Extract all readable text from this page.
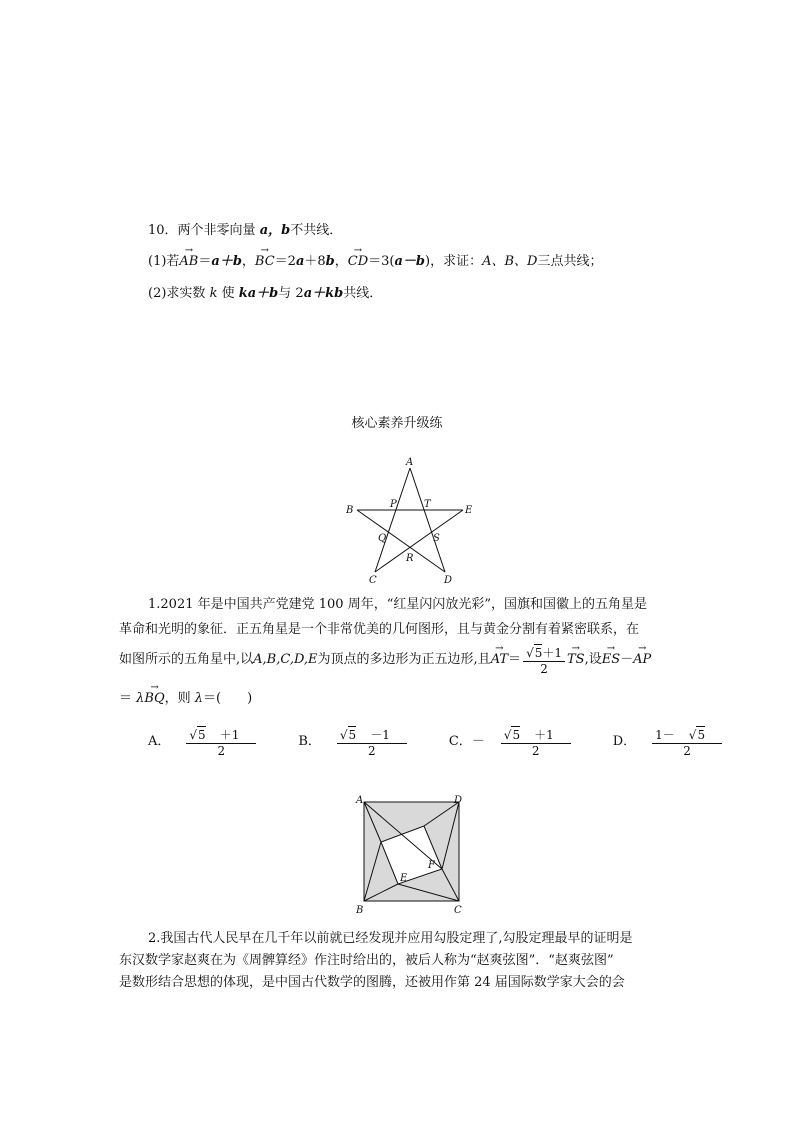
10．两个非零向量 a，b不共线．
(1)若→ AB＝a＋b，→ BC＝2a＋8b，→ CD＝3(a－b)，求证：A、B、D三点共线；
(2)求实数 k 使 ka＋b与 2a＋kb共线．
核心素养升级练
A
B	E
P	T
Q	S
R
C	D
1.2021 年是中国共产党建党 100 周年，“红星闪闪放光彩”，国旗和国徽上的五角星是
革命和光明的象征．正五角星是一个非常优美的几何图形，且与黄金分割有着紧密联系，在
如图所示的五角星中,以 A,B,C,D,E 为顶点的多边形为正五边形,且 → AT ＝ $\frac{√5+1}{2}$ → TS ,设 → ES － → AP
＝ λ→ BQ，则 λ＝(　　)
A． $\frac{√5 +1}{2}$ B． $\frac{√5 -1}{2}$ C．－ $\frac{√5 +1}{2}$ D． $\frac{1- √5}{2}$
A	D
B	C
E
F
2.我国古代人民早在几千年以前就已经发现并应用勾股定理了,勾股定理最早的证明是
东汉数学家赵爽在为《周髀算经》作注时给出的，被后人称为“赵爽弦图”．“赵爽弦图”
是数形结合思想的体现，是中国古代数学的图腾，还被用作第 24 届国际数学家大会的会
